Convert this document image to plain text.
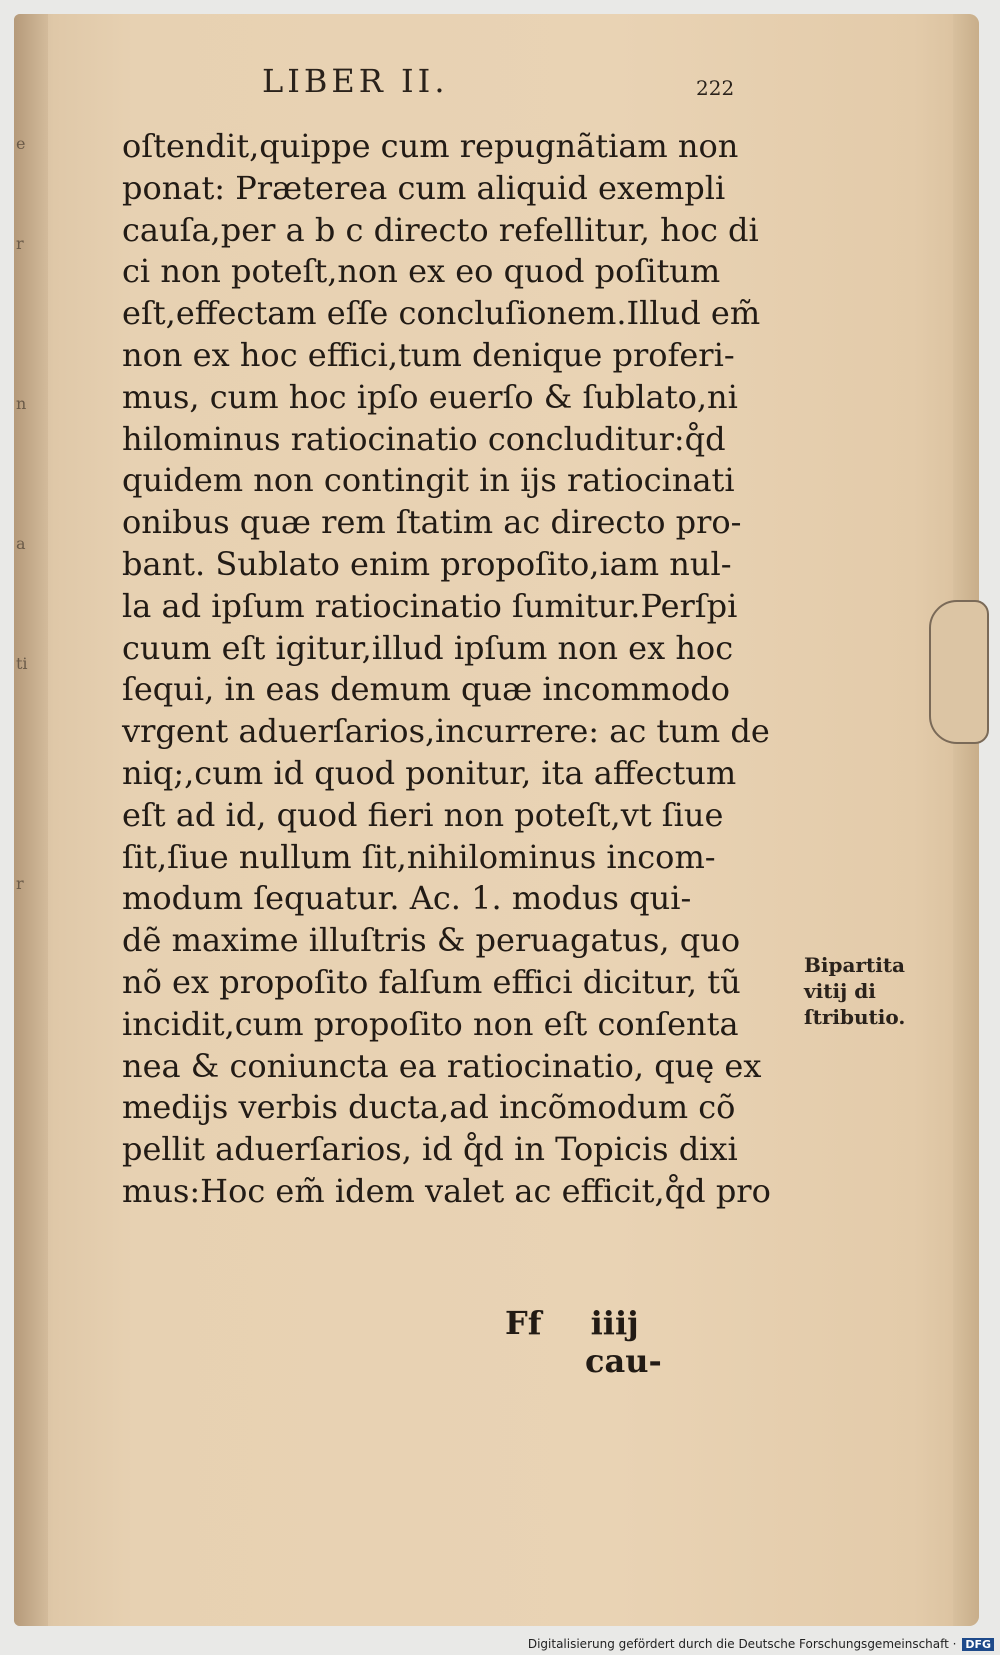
e
r
n
a
ti
r
LIBER II.	222
oſtendit,quippe cum repugnãtiam non
ponat: Prӕterea cum aliquid exempli
cauſa,per a b c directo refellitur, hoc di
ci non poteſt,non ex eo quod poſitum
eſt,effectam eſſe concluſionem.Illud em̃
non ex hoc effici,tum denique proferi-
mus, cum hoc ipſo euerſo & ſublato,ni
hilominus ratiocinatio concluditur:q̊d
quidem non contingit in ijs ratiocinati
onibus quӕ rem ſtatim ac directo pro-
bant. Sublato enim propoſito,iam nul-
la ad ipſum ratiocinatio ſumitur.Perſpi
cuum eſt igitur,illud ipſum non ex hoc
ſequi, in eas demum quӕ incommodo
vrgent aduerſarios,incurrere: ac tum de
niq;,cum id quod ponitur, ita affectum
eſt ad id, quod fieri non poteſt,vt ſiue
ſit,ſiue nullum ſit,nihilominus incom-
modum ſequatur. Ac. 1. modus qui-
dẽ maxime illuſtris & peruagatus, quo
nõ ex propoſito falſum effici dicitur, tũ
incidit,cum propoſito non eſt conſenta
nea & coniuncta ea ratiocinatio, quę ex
medijs verbis ducta,ad incõmodum cõ
pellit aduerſarios, id q̊d in Topicis dixi
mus:Hoc em̃ idem valet ac efficit,q̊d pro
Bipartita
vitij di
ſtributio.
Ff iiij cau-
Digitalisierung gefördert durch die Deutsche Forschungsgemeinschaft · DFG
